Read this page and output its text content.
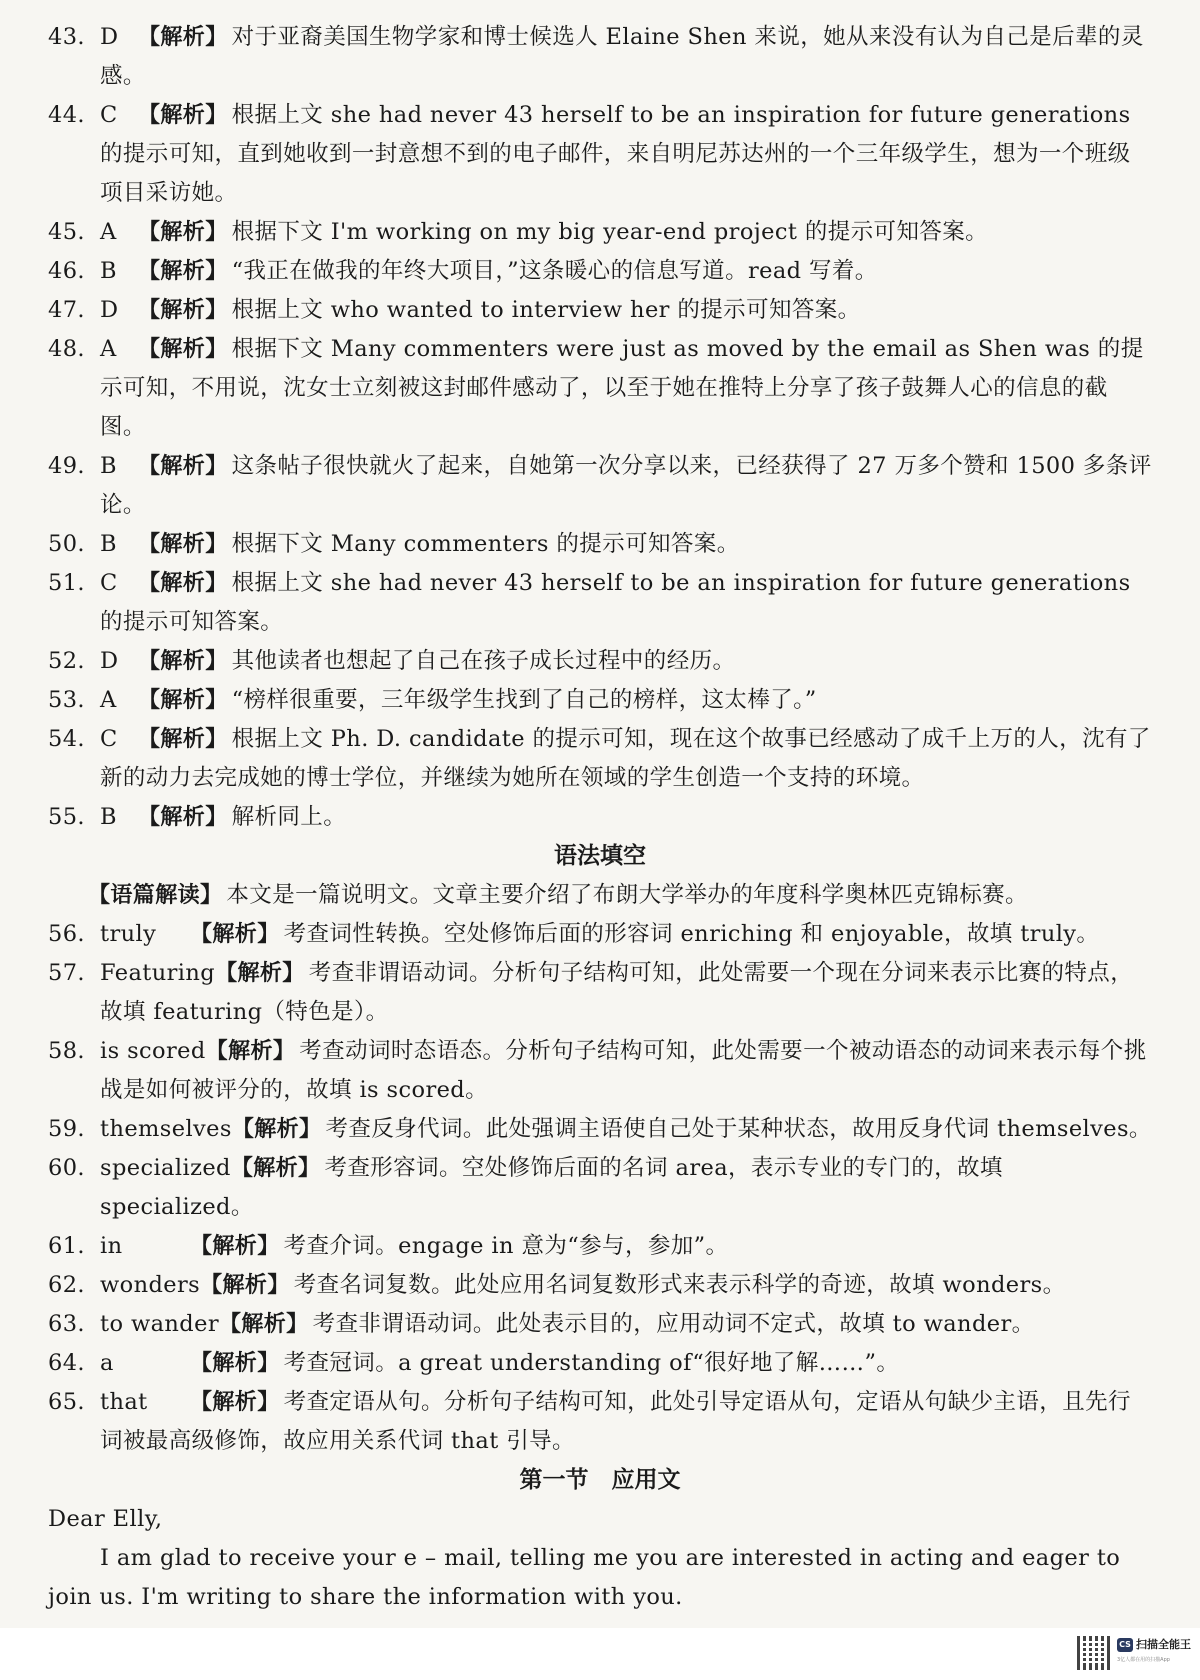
43. D 【解析】 对于亚裔美国生物学家和博士候选人 Elaine Shen 来说，她从来没有认为自己是后辈的灵感。
44. C 【解析】 根据上文 she had never 43 herself to be an inspiration for future generations 的提示可知，直到她收到一封意想不到的电子邮件，来自明尼苏达州的一个三年级学生，想为一个班级项目采访她。
45. A 【解析】 根据下文 I'm working on my big year-end project 的提示可知答案。
46. B 【解析】 “我正在做我的年终大项目，”这条暖心的信息写道。read 写着。
47. D 【解析】 根据上文 who wanted to interview her 的提示可知答案。
48. A 【解析】 根据下文 Many commenters were just as moved by the email as Shen was 的提示可知，不用说，沈女士立刻被这封邮件感动了，以至于她在推特上分享了孩子鼓舞人心的信息的截图。
49. B 【解析】 这条帖子很快就火了起来，自她第一次分享以来，已经获得了 27 万多个赞和 1500 多条评论。
50. B 【解析】 根据下文 Many commenters 的提示可知答案。
51. C 【解析】 根据上文 she had never 43 herself to be an inspiration for future generations 的提示可知答案。
52. D 【解析】 其他读者也想起了自己在孩子成长过程中的经历。
53. A 【解析】 “榜样很重要，三年级学生找到了自己的榜样，这太棒了。”
54. C 【解析】 根据上文 Ph. D. candidate 的提示可知，现在这个故事已经感动了成千上万的人，沈有了新的动力去完成她的博士学位，并继续为她所在领域的学生创造一个支持的环境。
55. B 【解析】 解析同上。
语法填空
【语篇解读】 本文是一篇说明文。文章主要介绍了布朗大学举办的年度科学奥林匹克锦标赛。
56. truly 【解析】 考查词性转换。空处修饰后面的形容词 enriching 和 enjoyable，故填 truly。
57. Featuring【解析】 考查非谓语动词。分析句子结构可知，此处需要一个现在分词来表示比赛的特点，故填 featuring（特色是）。
58. is scored【解析】 考查动词时态语态。分析句子结构可知，此处需要一个被动语态的动词来表示每个挑战是如何被评分的，故填 is scored。
59. themselves【解析】 考查反身代词。此处强调主语使自己处于某种状态，故用反身代词 themselves。
60. specialized【解析】 考查形容词。空处修饰后面的名词 area，表示专业的专门的，故填 specialized。
61. in	【解析】 考查介词。engage in 意为“参与，参加”。
62. wonders【解析】 考查名词复数。此处应用名词复数形式来表示科学的奇迹，故填 wonders。
63. to wander【解析】 考查非谓语动词。此处表示目的，应用动词不定式，故填 to wander。
64. a	【解析】 考查冠词。a great understanding of“很好地了解……”。
65. that 【解析】 考查定语从句。分析句子结构可知，此处引导定语从句，定语从句缺少主语，且先行词被最高级修饰，故应用关系代词 that 引导。
第一节　应用文
Dear Elly,
I am glad to receive your e – mail, telling me you are interested in acting and eager to join us. I'm writing to share the information with you.
CS 扫描全能王
3亿人都在用的扫描App
